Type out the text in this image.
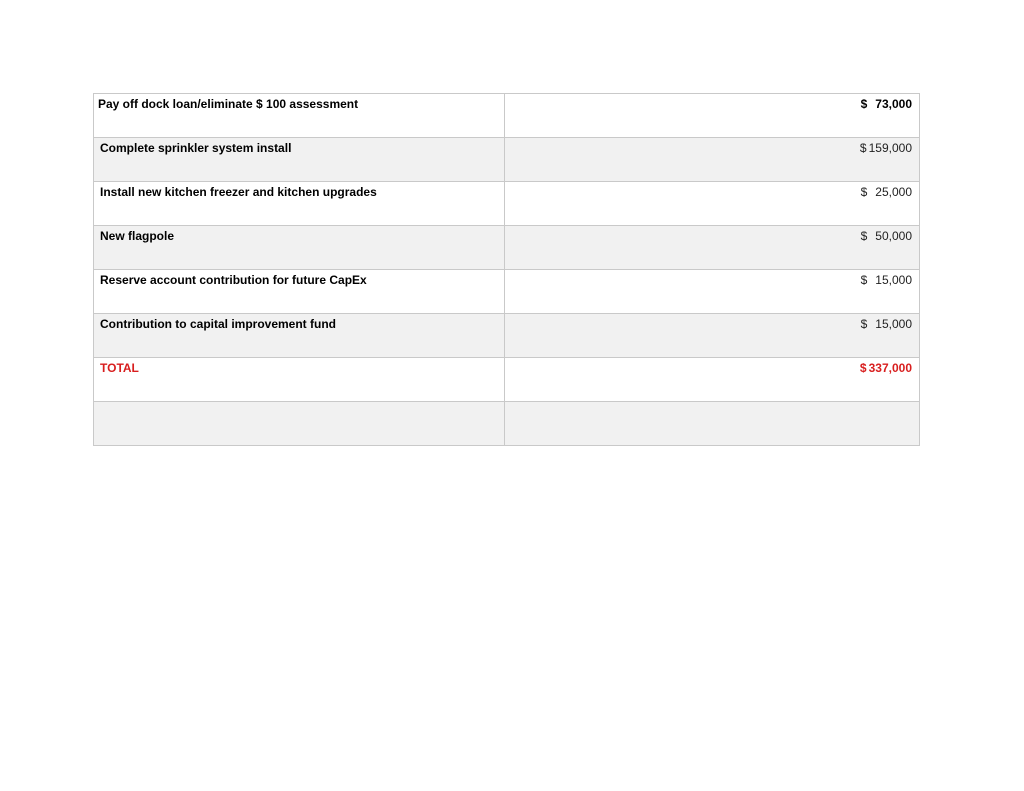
Pay off dock loan/eliminate $ 100 assessment	$ 73,000
Complete sprinkler system install	$ 159,000
Install new kitchen freezer and kitchen upgrades	$ 25,000
New flagpole	$ 50,000
Reserve account contribution for future CapEx	$ 15,000
Contribution to capital improvement fund	$ 15,000
TOTAL	$ 337,000
